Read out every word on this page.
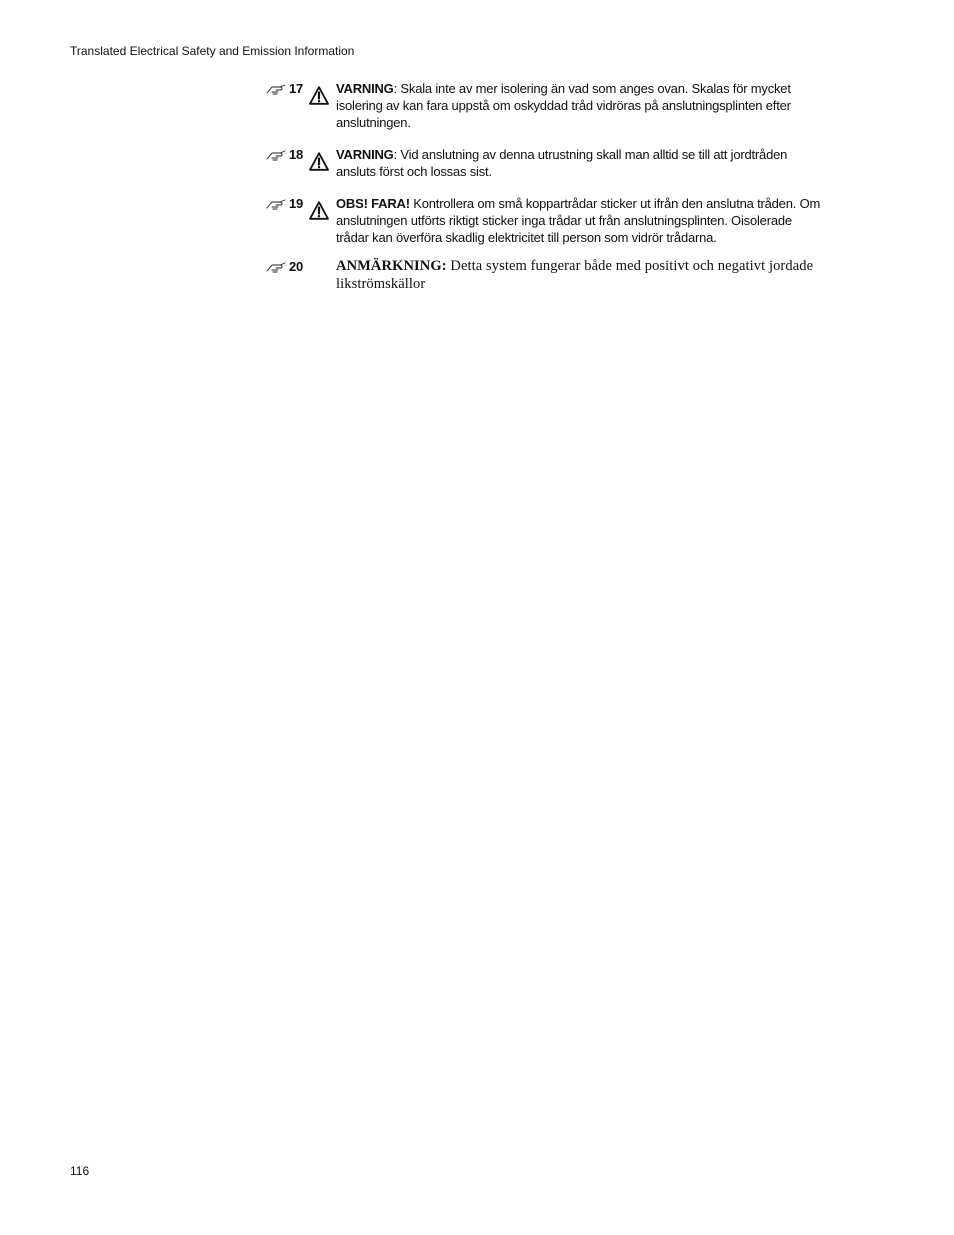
Translated Electrical Safety and Emission Information
17	VARNING: Skala inte av mer isolering än vad som anges ovan. Skalas för mycket isolering av kan fara uppstå om oskyddad tråd vidröras på anslutningsplinten efter anslutningen.
18	VARNING: Vid anslutning av denna utrustning skall man alltid se till att jordtråden ansluts först och lossas sist.
19	OBS! FARA! Kontrollera om små koppartrådar sticker ut ifrån den anslutna tråden. Om anslutningen utförts riktigt sticker inga trådar ut från anslutningsplinten. Oisolerade trådar kan överföra skadlig elektricitet till person som vidrör trådarna.
20 ANMÄRKNING: Detta system fungerar både med positivt och negativt jordade likströmskällor
116
